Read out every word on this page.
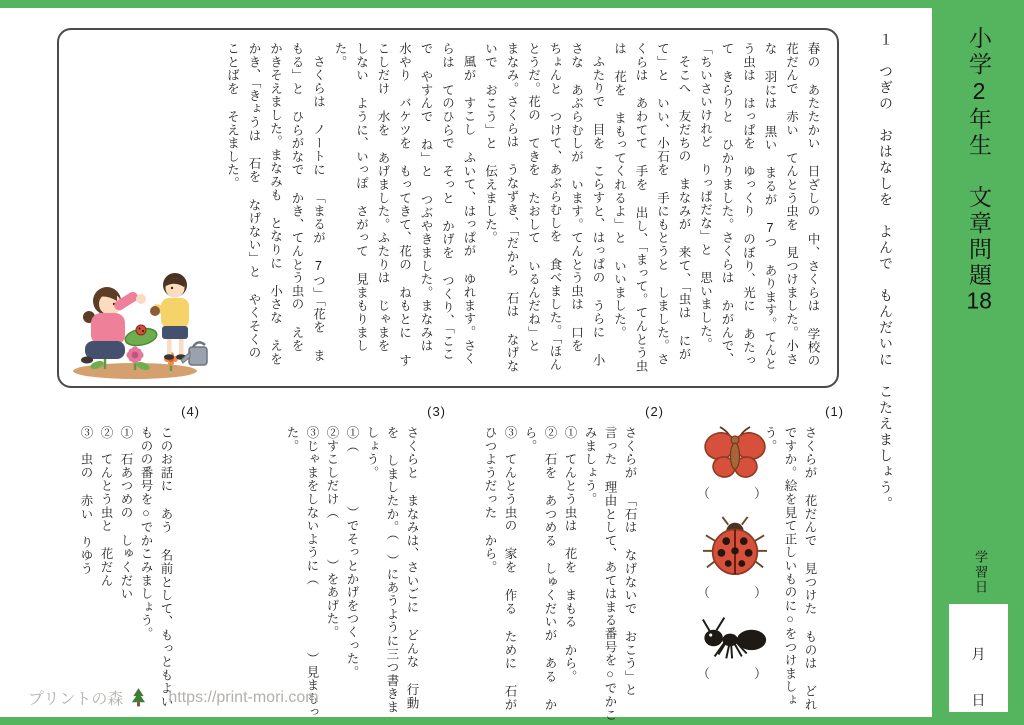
春の あたたかい 日ざしの 中、さくらは 学校の 花だんで 赤い てんとう虫を 見つけました。小さな 羽には 黒い まるが 7つ あります。てんとう虫は はっぱを ゆっくり のぼり、光に あたって きらりと ひかりました。さくらは かがんで、「ちいさいけれど りっぱだな」と 思いました。

そこへ 友だちの まなみが 来て、「虫は にがて」と いい、小石を 手にもとうと しました。さくらは あわてて 手を 出し、「まって。てんとう虫は 花を まもってくれるよ」と いいました。

ふたりで 目を こらすと、はっぱの うらに 小さな あぶらむしが います。てんとう虫は 口を ちょんと つけて、あぶらむしを 食べました。「ほんとうだ。花の てきを たおして いるんだね」と まなみ。さくらは うなずき、「だから 石は なげないで おこう」と 伝えました。

風が すこし ふいて、はっぱが ゆれます。さくらは てのひらで そっと かげを つくり、「ここで やすんで ね」と つぶやきました。まなみは 水やり バケツを もってきて、花の ねもとに すこしだけ 水を あげました。ふたりは じゃまを しない ように、いっぽ さがって 見まもりました。

さくらは ノートに 「まるが 7つ」「花を まもる」と ひらがなで かき、てんとう虫の えを かきそえました。まなみも となりに 小さな えを かき、「きょうは 石を なげない」と やくそくの ことばを そえました。	１　つぎの　おはなしを　よんで　もんだいに　こたえましょう。
(1)

さくらが 花だんで 見つけた ものは どれですか。絵を見て正しいものに○をつけましょう。

（　　）
（　　）
（　　）
(2)

さくらが 「石は なげないで おこう」と 言った 理由として、あてはまる番号を○でかこみましょう。

①　てんとう虫は 花を まもる から。

②　石を あつめる しゅくだいが ある から。

③　てんとう虫の 家を 作る ために 石が ひつようだった から。

(3)

さくらと まなみは、さいごに どんな 行動を しましたか。（　）にあうように三つ書きましょう。

①（　　　　）でそっとかげをつくった。

②すこしだけ（　　　）をあげた。

③じゃまをしないように（　　　　　）見まもった。

(4)

このお話に あう 名前として、もっともよい ものの番号を○でかこみましょう。

①　石あつめの しゅくだい

②　てんとう虫と 花だん

③　虫の 赤い りゆう

小学2年生　文章問題18
学習日
月
日
プリントの森	https://print-mori.com
